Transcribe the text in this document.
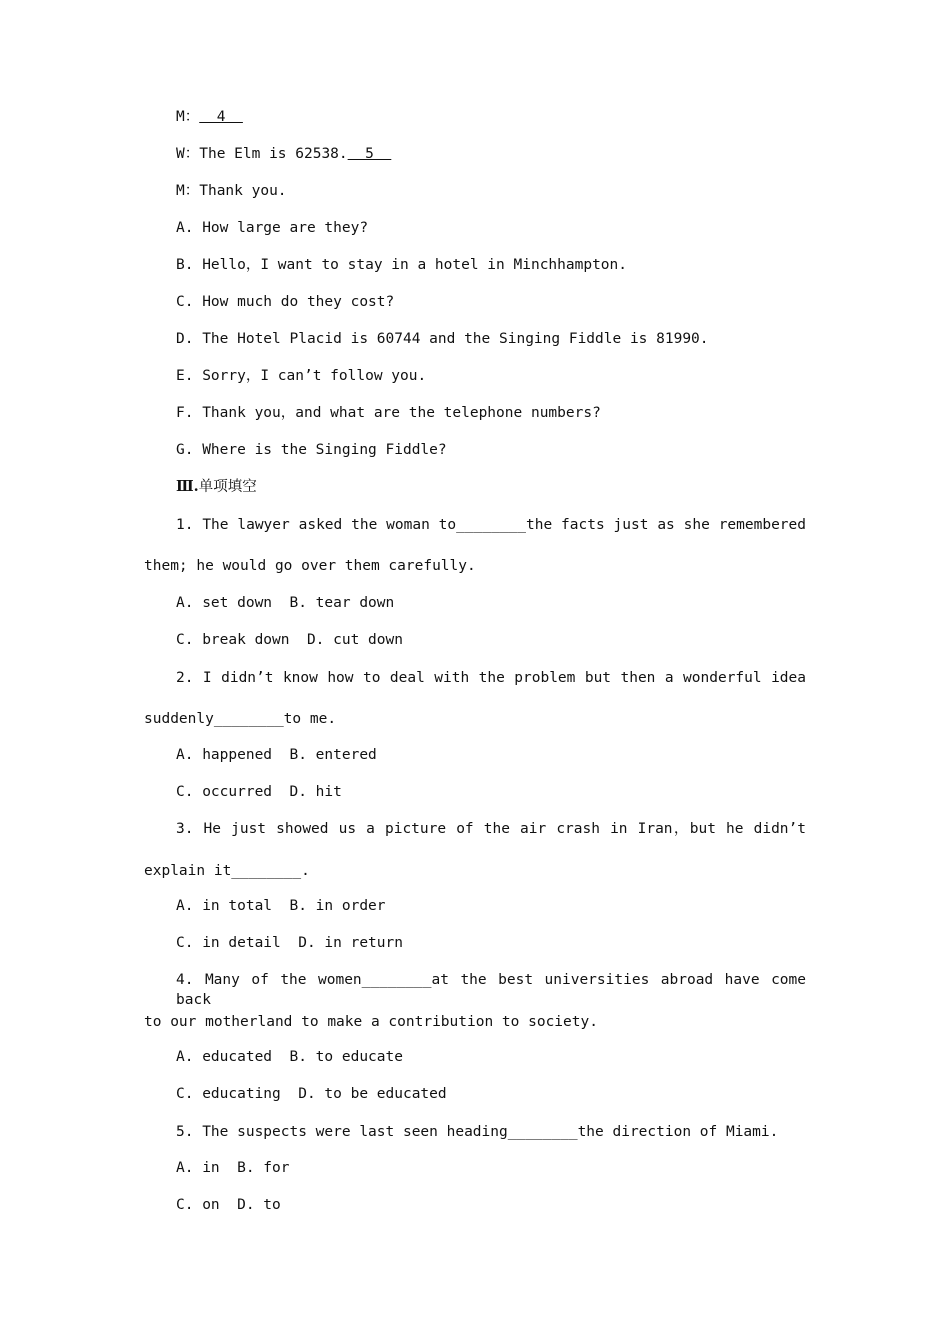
M：  4
W：The Elm is 62538.  5
M：Thank you.
A. How large are they?
B. Hello，I want to stay in a hotel in Minchhampton.
C. How much do they cost?
D. The Hotel Placid is 60744 and the Singing Fiddle is 81990.
E. Sorry，I can’t follow you.
F. Thank you，and what are the telephone numbers?
G. Where is the Singing Fiddle?
Ⅲ.单项填空
1. The lawyer asked the woman to________the facts just as she remembered
them; he would go over them carefully.
A. set down  B. tear down
C. break down  D. cut down
2. I didn’t know how to deal with the problem but then a wonderful idea
suddenly________to me.
A. happened  B. entered
C. occurred  D. hit
3. He just showed us a picture of the air crash in Iran，but he didn’t
explain it________.
A. in total  B. in order
C. in detail  D. in return
4. Many of the women________at the best universities abroad have come back
to our motherland to make a contribution to society.
A. educated  B. to educate
C. educating  D. to be educated
5. The suspects were last seen heading________the direction of Miami.
A. in  B. for
C. on  D. to
